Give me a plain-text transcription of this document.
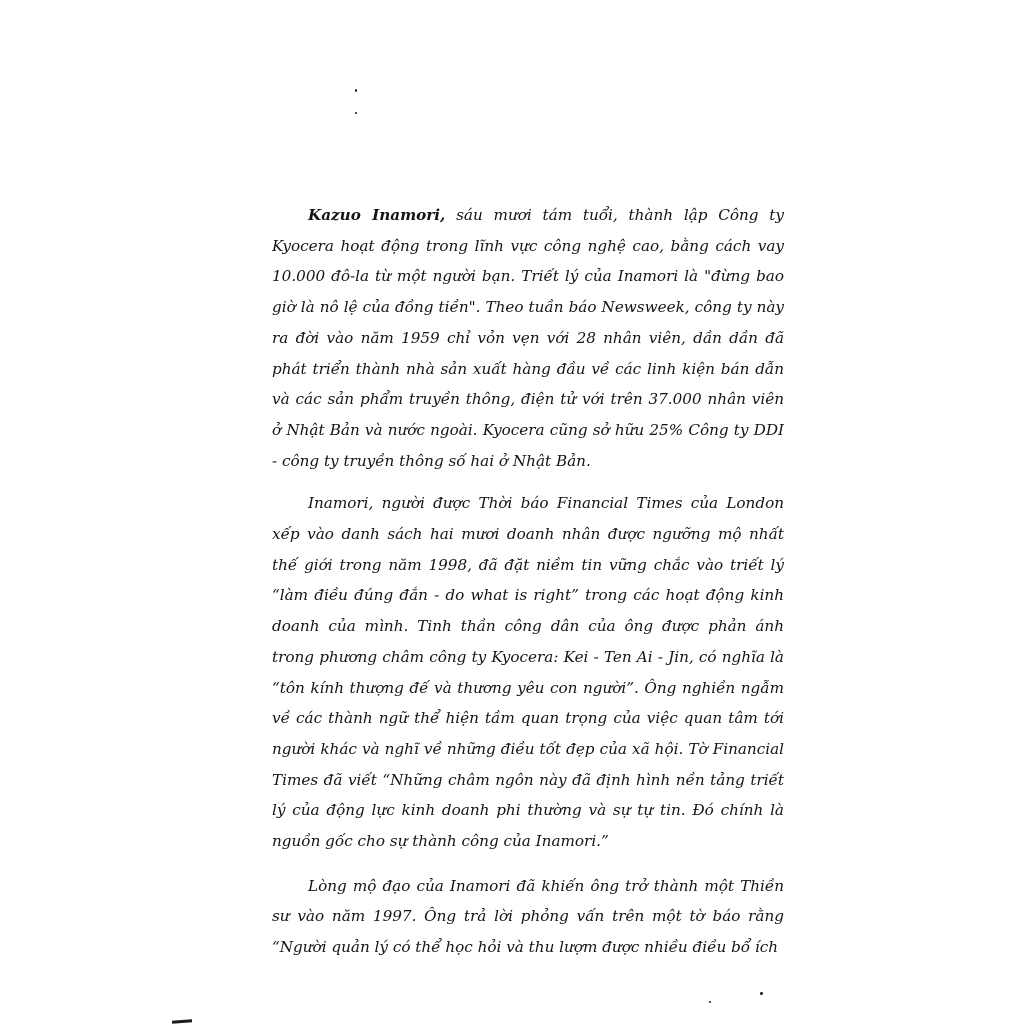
Kazuo Inamori, sáu mươi tám tuổi, thành lập Công ty Kyocera hoạt động trong lĩnh vực công nghệ cao, bằng cách vay 10.000 đô-la từ một người bạn. Triết lý của Inamori là "đừng bao giờ là nô lệ của đồng tiền". Theo tuần báo Newsweek, công ty này ra đời vào năm 1959 chỉ vỏn vẹn với 28 nhân viên, dần dần đã phát triển thành nhà sản xuất hàng đầu về các linh kiện bán dẫn và các sản phẩm truyền thông, điện tử với trên 37.000 nhân viên ở Nhật Bản và nước ngoài. Kyocera cũng sở hữu 25% Công ty DDI - công ty truyền thông số hai ở Nhật Bản.

Inamori, người được Thời báo Financial Times của London xếp vào danh sách hai mươi doanh nhân được ngưỡng mộ nhất thế giới trong năm 1998, đã đặt niềm tin vững chắc vào triết lý “làm điều đúng đắn - do what is right” trong các hoạt động kinh doanh của mình. Tinh thần công dân của ông được phản ánh trong phương châm công ty Kyocera: Kei - Ten Ai - Jin, có nghĩa là “tôn kính thượng đế và thương yêu con người”. Ông nghiền ngẫm về các thành ngữ thể hiện tầm quan trọng của việc quan tâm tới người khác và nghĩ về những điều tốt đẹp của xã hội. Tờ Financial Times đã viết “Những châm ngôn này đã định hình nền tảng triết lý của động lực kinh doanh phi thường và sự tự tin. Đó chính là nguồn gốc cho sự thành công của Inamori.”

Lòng mộ đạo của Inamori đã khiến ông trở thành một Thiền sư vào năm 1997. Ông trả lời phỏng vấn trên một tờ báo rằng “Người quản lý có thể học hỏi và thu lượm được nhiều điều bổ ích
